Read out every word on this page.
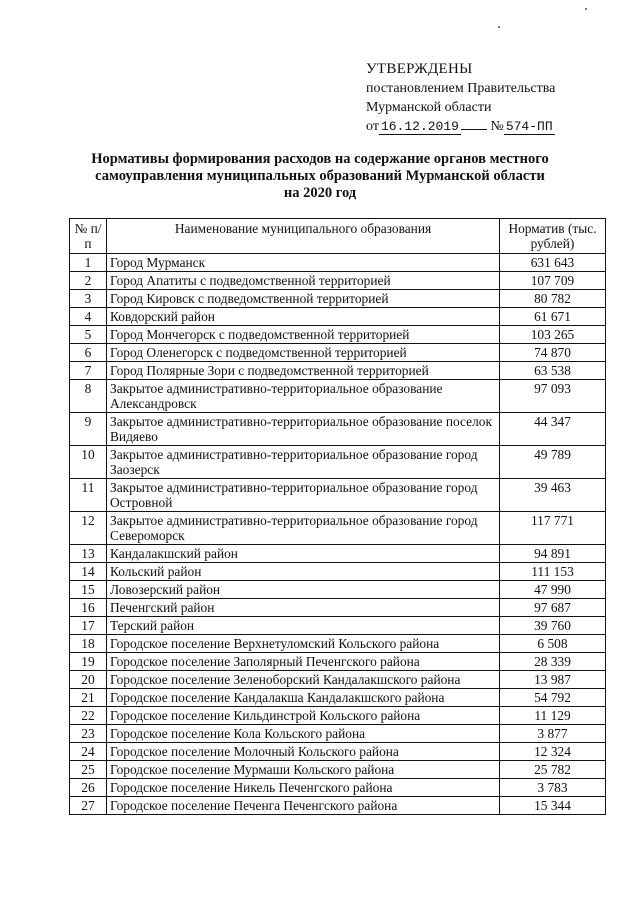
УТВЕРЖДЕНЫ
постановлением Правительства
Мурманской области
от 16.12.2019 № 574-ПП
Нормативы формирования расходов на содержание органов местного
самоуправления муниципальных образований Мурманской области
на 2020 год
№ п/п	Наименование муниципального образования	Норматив (тыс. рублей)
1	Город Мурманск	631 643
2	Город Апатиты с подведомственной территорией	107 709
3	Город Кировск с подведомственной территорией	80 782
4	Ковдорский район	61 671
5	Город Мончегорск с подведомственной территорией	103 265
6	Город Оленегорск с подведомственной территорией	74 870
7	Город Полярные Зори с подведомственной территорией	63 538
8	Закрытое административно-территориальное образование Александровск	97 093
9	Закрытое административно-территориальное образование поселок Видяево	44 347
10	Закрытое административно-территориальное образование город Заозерск	49 789
11	Закрытое административно-территориальное образование город Островной	39 463
12	Закрытое административно-территориальное образование город Североморск	117 771
13	Кандалакшский район	94 891
14	Кольский район	111 153
15	Ловозерский район	47 990
16	Печенгский район	97 687
17	Терский район	39 760
18	Городское поселение Верхнетуломский Кольского района	6 508
19	Городское поселение Заполярный Печенгского района	28 339
20	Городское поселение Зеленоборский Кандалакшского района	13 987
21	Городское поселение Кандалакша Кандалакшского района	54 792
22	Городское поселение Кильдинстрой Кольского района	11 129
23	Городское поселение Кола Кольского района	3 877
24	Городское поселение Молочный Кольского района	12 324
25	Городское поселение Мурмаши Кольского района	25 782
26	Городское поселение Никель Печенгского района	3 783
27	Городское поселение Печенга Печенгского района	15 344
